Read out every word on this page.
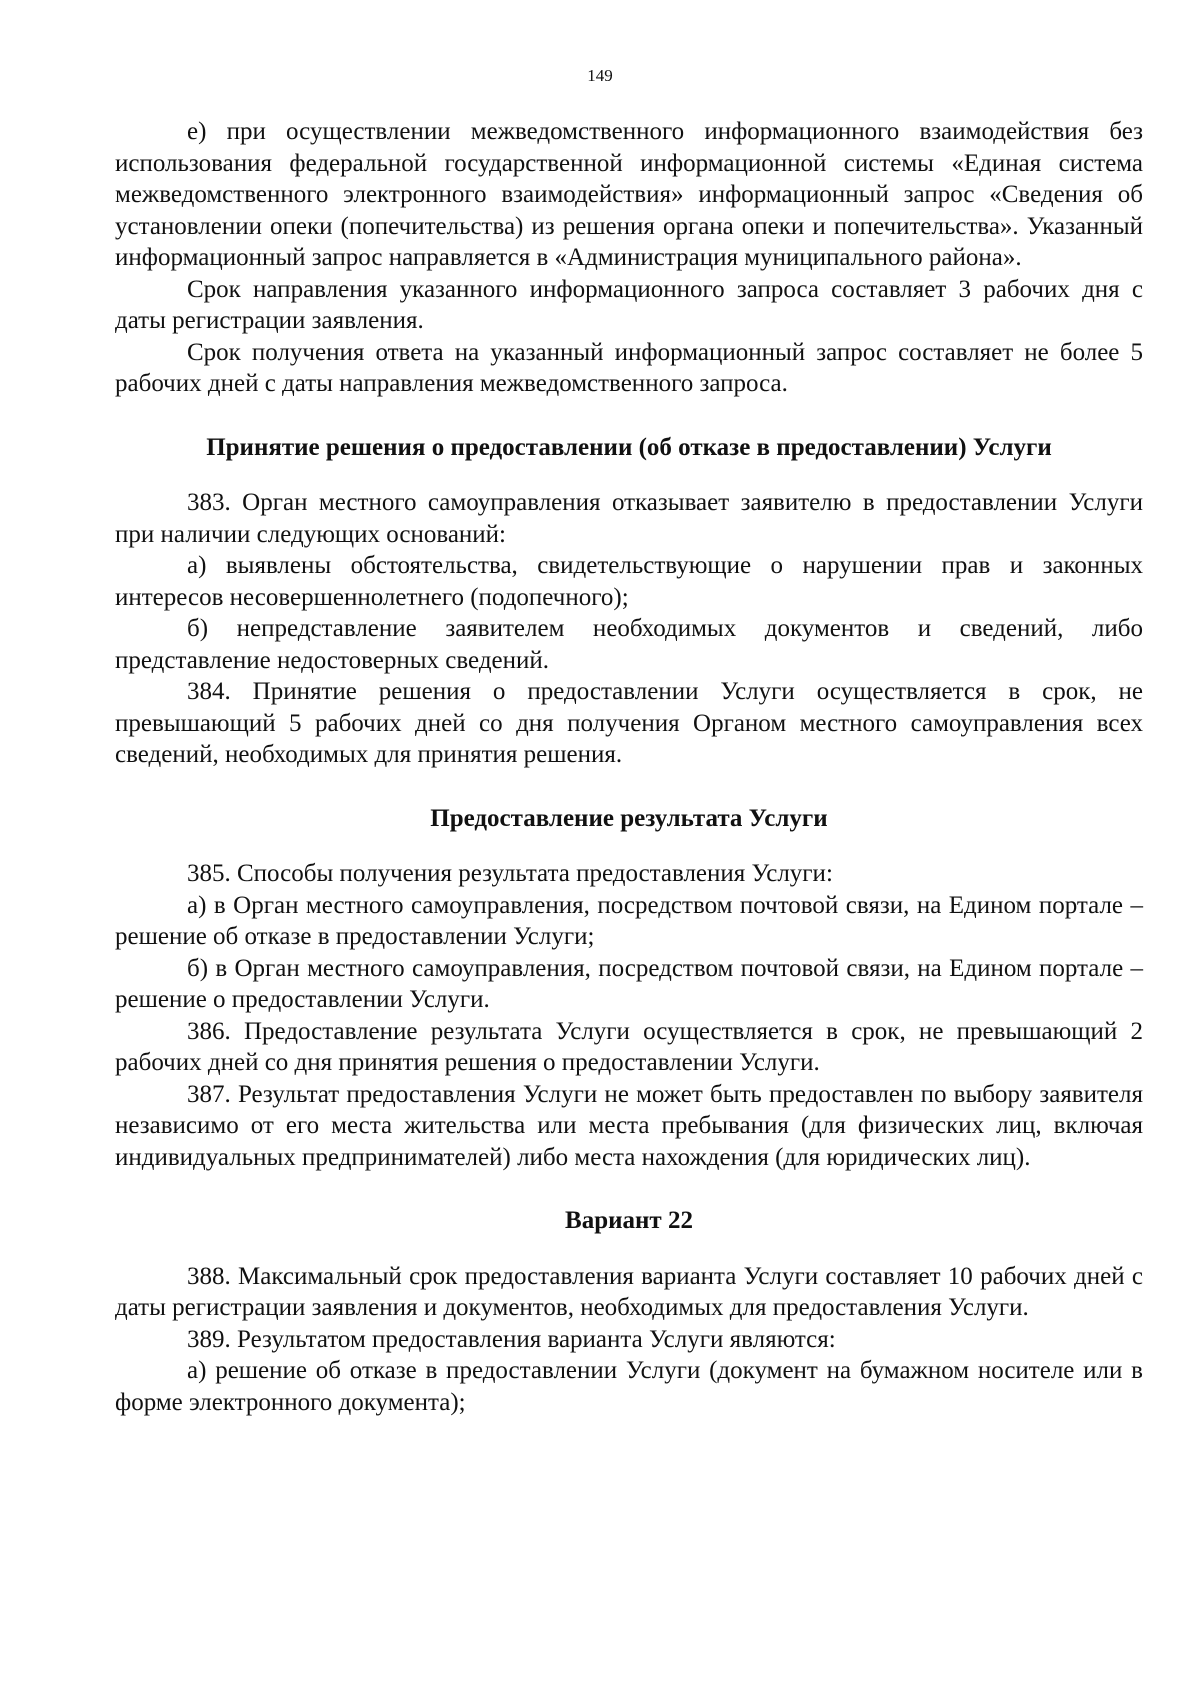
149

е) при осуществлении межведомственного информационного взаимодействия без использования федеральной государственной информационной системы «Единая система межведомственного электронного взаимодействия» информационный запрос «Сведения об установлении опеки (попечительства) из решения органа опеки и попечительства». Указанный информационный запрос направляется в «Администрация муниципального района».

Срок направления указанного информационного запроса составляет 3 рабочих дня с даты регистрации заявления.

Срок получения ответа на указанный информационный запрос составляет не более 5 рабочих дней с даты направления межведомственного запроса.

Принятие решения о предоставлении (об отказе в предоставлении) Услуги

383. Орган местного самоуправления отказывает заявителю в предоставлении Услуги при наличии следующих оснований:

а) выявлены обстоятельства, свидетельствующие о нарушении прав и законных интересов несовершеннолетнего (подопечного);

б) непредставление заявителем необходимых документов и сведений, либо представление недостоверных сведений.

384. Принятие решения о предоставлении Услуги осуществляется в срок, не превышающий 5 рабочих дней со дня получения Органом местного самоуправления всех сведений, необходимых для принятия решения.

Предоставление результата Услуги

385. Способы получения результата предоставления Услуги:

а) в Орган местного самоуправления, посредством почтовой связи, на Едином портале – решение об отказе в предоставлении Услуги;

б) в Орган местного самоуправления, посредством почтовой связи, на Едином портале – решение о предоставлении Услуги.

386. Предоставление результата Услуги осуществляется в срок, не превышающий 2 рабочих дней со дня принятия решения о предоставлении Услуги.

387. Результат предоставления Услуги не может быть предоставлен по выбору заявителя независимо от его места жительства или места пребывания (для физических лиц, включая индивидуальных предпринимателей) либо места нахождения (для юридических лиц).

Вариант 22

388. Максимальный срок предоставления варианта Услуги составляет 10 рабочих дней с даты регистрации заявления и документов, необходимых для предоставления Услуги.

389. Результатом предоставления варианта Услуги являются:

а) решение об отказе в предоставлении Услуги (документ на бумажном носителе или в форме электронного документа);
